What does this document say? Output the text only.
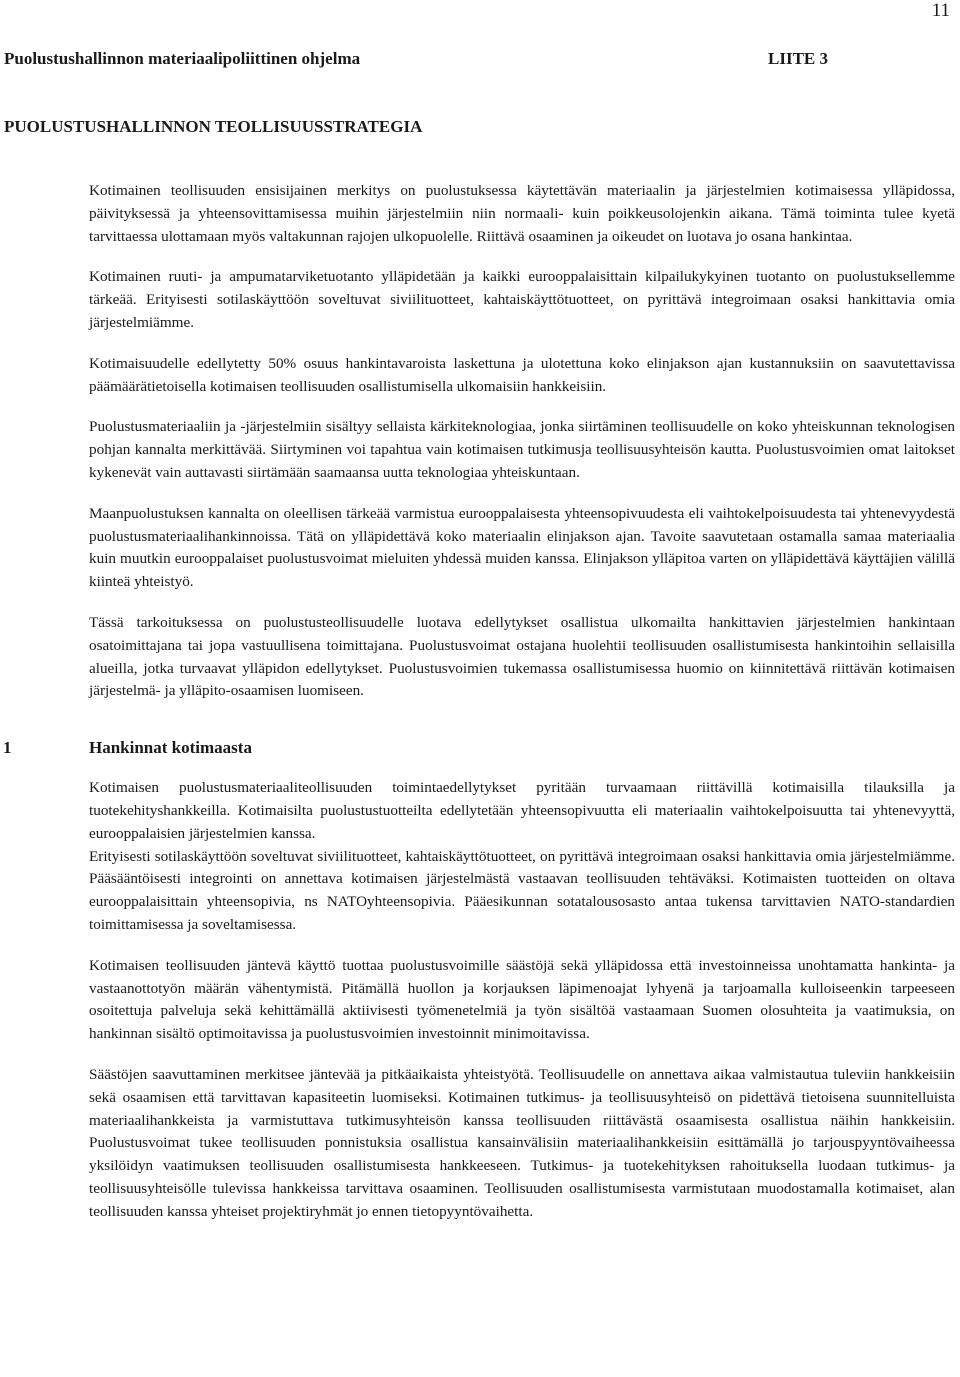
11
Puolustushallinnon materiaalipoliittinen ohjelma	LIITE 3
PUOLUSTUSHALLINNON TEOLLISUUSSTRATEGIA

Kotimainen teollisuuden ensisijainen merkitys on puolustuksessa käytettävän materiaalin ja järjestelmien kotimaisessa ylläpidossa, päivityksessä ja yhteensovittamisessa muihin järjestelmiin niin normaali- kuin poikkeusolojenkin aikana. Tämä toiminta tulee kyetä tarvittaessa ulottamaan myös valtakunnan rajojen ulkopuolelle. Riittävä osaaminen ja oikeudet on luotava jo osana hankintaa.

Kotimainen ruuti- ja ampumatarviketuotanto ylläpidetään ja kaikki eurooppalaisittain kilpailukykyinen tuotanto on puolustuksellemme tärkeää. Erityisesti sotilaskäyttöön soveltuvat siviilituotteet, kahtaiskäyttötuotteet, on pyrittävä integroimaan osaksi hankittavia omia järjestelmiämme.

Kotimaisuudelle edellytetty 50% osuus hankintavaroista laskettuna ja ulotettuna koko elinjakson ajan kustannuksiin on saavutettavissa päämäärätietoisella kotimaisen teollisuuden osallistumisella ulkomaisiin hankkeisiin.

Puolustusmateriaaliin ja -järjestelmiin sisältyy sellaista kärkiteknologiaa, jonka siirtäminen teollisuudelle on koko yhteiskunnan teknologisen pohjan kannalta merkittävää. Siirtyminen voi tapahtua vain kotimaisen tutkimusja teollisuusyhteisön kautta. Puolustusvoimien omat laitokset kykenevät vain auttavasti siirtämään saamaansa uutta teknologiaa yhteiskuntaan.

Maanpuolustuksen kannalta on oleellisen tärkeää varmistua eurooppalaisesta yhteensopivuudesta eli vaihtokelpoisuudesta tai yhtenevyydestä puolustusmateriaalihankinnoissa. Tätä on ylläpidettävä koko materiaalin elinjakson ajan. Tavoite saavutetaan ostamalla samaa materiaalia kuin muutkin eurooppalaiset puolustusvoimat mieluiten yhdessä muiden kanssa. Elinjakson ylläpitoa varten on ylläpidettävä käyttäjien välillä kiinteä yhteistyö.

Tässä tarkoituksessa on puolustusteollisuudelle luotava edellytykset osallistua ulkomailta hankittavien järjestelmien hankintaan osatoimittajana tai jopa vastuullisena toimittajana. Puolustusvoimat ostajana huolehtii teollisuuden osallistumisesta hankintoihin sellaisilla alueilla, jotka turvaavat ylläpidon edellytykset. Puolustusvoimien tukemassa osallistumisessa huomio on kiinnitettävä riittävän kotimaisen järjestelmä- ja ylläpito-osaamisen luomiseen.

1	Hankinnat kotimaasta

Kotimaisen puolustusmateriaaliteollisuuden toimintaedellytykset pyritään turvaamaan riittävillä kotimaisilla tilauksilla ja tuotekehityshankkeilla. Kotimaisilta puolustustuotteilta edellytetään yhteensopivuutta eli materiaalin vaihtokelpoisuutta tai yhtenevyyttä, eurooppalaisien järjestelmien kanssa.

Erityisesti sotilaskäyttöön soveltuvat siviilituotteet, kahtaiskäyttötuotteet, on pyrittävä integroimaan osaksi hankittavia omia järjestelmiämme. Pääsääntöisesti integrointi on annettava kotimaisen järjestelmästä vastaavan teollisuuden tehtäväksi. Kotimaisten tuotteiden on oltava eurooppalaisittain yhteensopivia, ns NATOyhteensopivia. Pääesikunnan sotatalousosasto antaa tukensa tarvittavien NATO-standardien toimittamisessa ja soveltamisessa.

Kotimaisen teollisuuden jäntevä käyttö tuottaa puolustusvoimille säästöjä sekä ylläpidossa että investoinneissa unohtamatta hankinta- ja vastaanottotyön määrän vähentymistä. Pitämällä huollon ja korjauksen läpimenoajat lyhyenä ja tarjoamalla kulloiseenkin tarpeeseen osoitettuja palveluja sekä kehittämällä aktiivisesti työmenetelmiä ja työn sisältöä vastaamaan Suomen olosuhteita ja vaatimuksia, on hankinnan sisältö optimoitavissa ja puolustusvoimien investoinnit minimoitavissa.

Säästöjen saavuttaminen merkitsee jäntevää ja pitkäaikaista yhteistyötä. Teollisuudelle on annettava aikaa valmistautua tuleviin hankkeisiin sekä osaamisen että tarvittavan kapasiteetin luomiseksi. Kotimainen tutkimus- ja teollisuusyhteisö on pidettävä tietoisena suunnitelluista materiaalihankkeista ja varmistuttava tutkimusyhteisön kanssa teollisuuden riittävästä osaamisesta osallistua näihin hankkeisiin. Puolustusvoimat tukee teollisuuden ponnistuksia osallistua kansainvälisiin materiaalihankkeisiin esittämällä jo tarjouspyyntövaiheessa yksilöidyn vaatimuksen teollisuuden osallistumisesta hankkeeseen. Tutkimus- ja tuotekehityksen rahoituksella luodaan tutkimus- ja teollisuusyhteisölle tulevissa hankkeissa tarvittava osaaminen. Teollisuuden osallistumisesta varmistutaan muodostamalla kotimaiset, alan teollisuuden kanssa yhteiset projektiryhmät jo ennen tietopyyntövaihetta.
